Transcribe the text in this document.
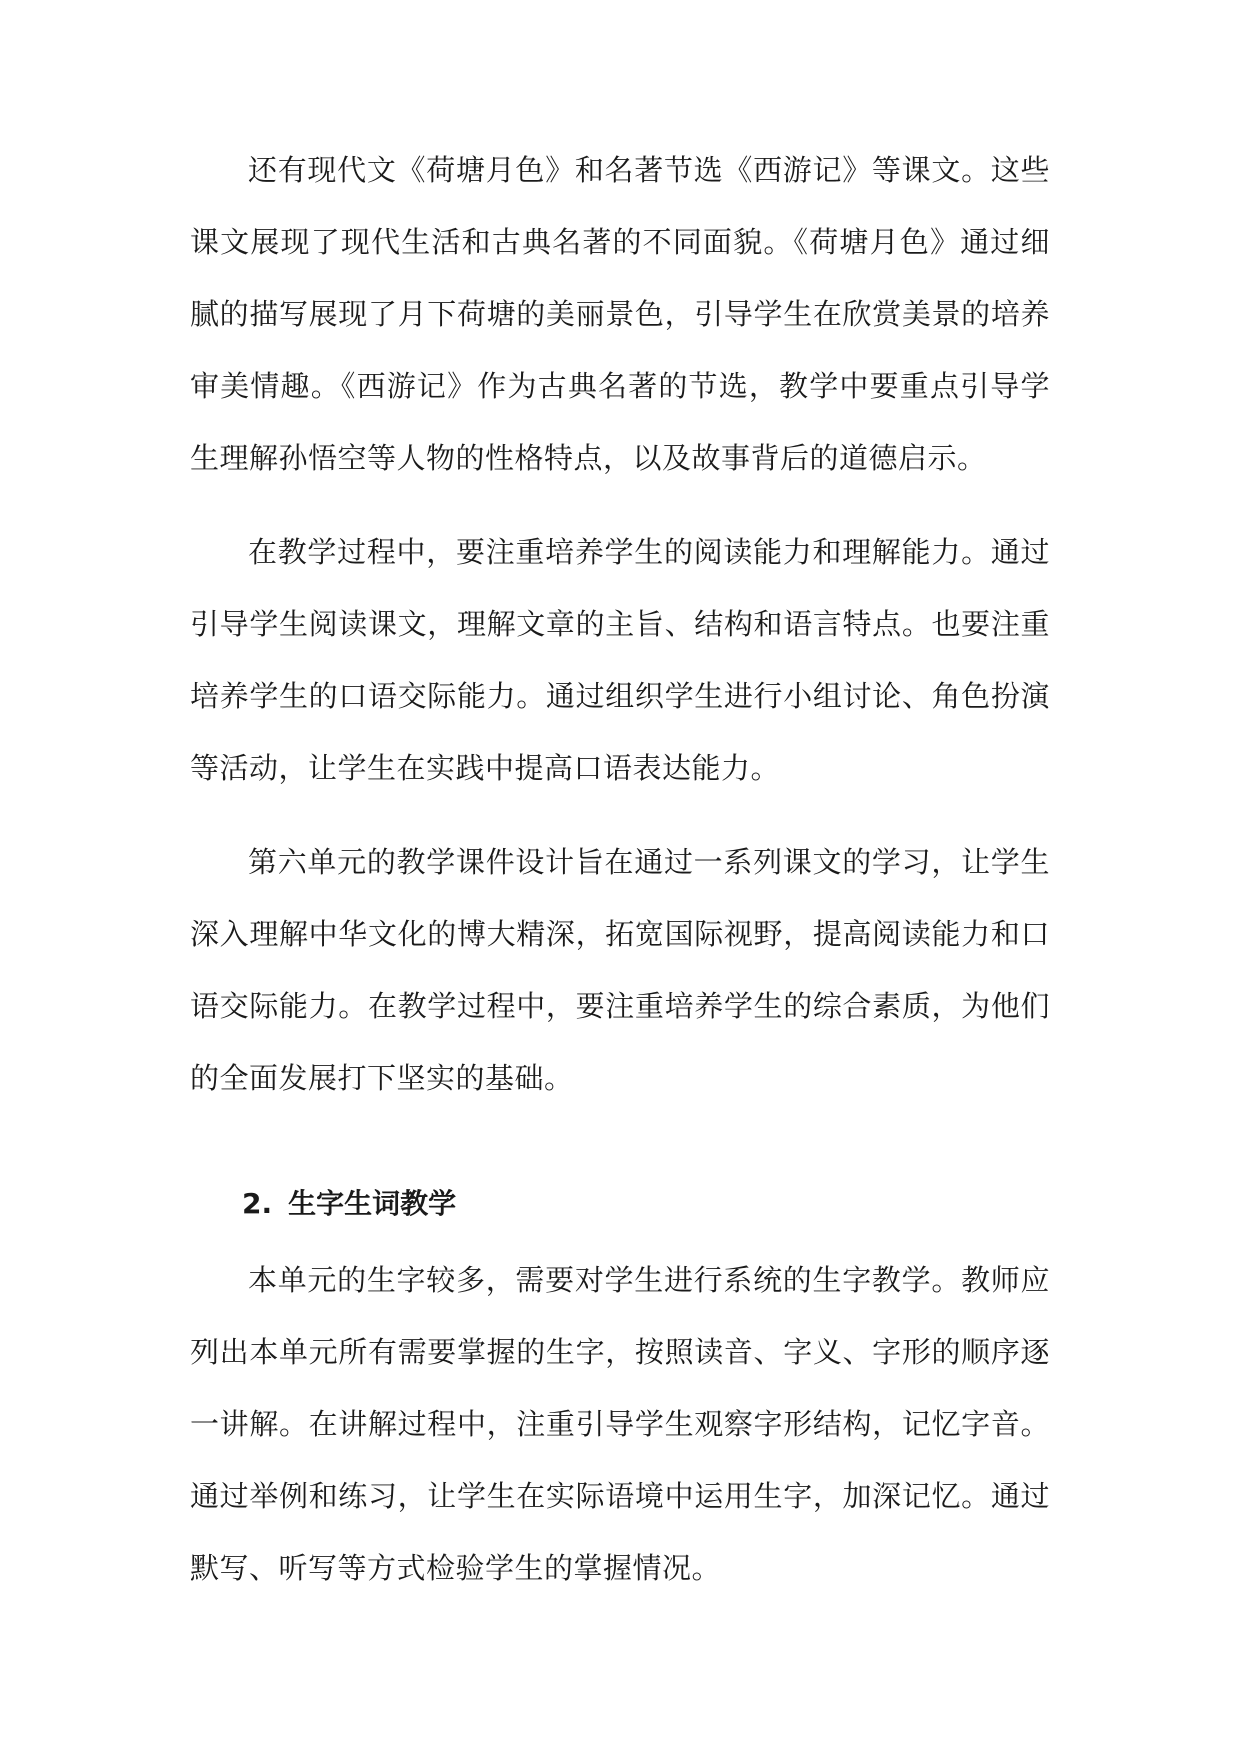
还有现代文《荷塘月色》和名著节选《西游记》等课文。这些课文展现了现代生活和古典名著的不同面貌。《荷塘月色》通过细腻的描写展现了月下荷塘的美丽景色，引导学生在欣赏美景的培养审美情趣。《西游记》作为古典名著的节选，教学中要重点引导学生理解孙悟空等人物的性格特点，以及故事背后的道德启示。

在教学过程中，要注重培养学生的阅读能力和理解能力。通过引导学生阅读课文，理解文章的主旨、结构和语言特点。也要注重培养学生的口语交际能力。通过组织学生进行小组讨论、角色扮演等活动，让学生在实践中提高口语表达能力。

第六单元的教学课件设计旨在通过一系列课文的学习，让学生深入理解中华文化的博大精深，拓宽国际视野，提高阅读能力和口语交际能力。在教学过程中，要注重培养学生的综合素质，为他们的全面发展打下坚实的基础。

2. 生字生词教学

本单元的生字较多，需要对学生进行系统的生字教学。教师应列出本单元所有需要掌握的生字，按照读音、字义、字形的顺序逐一讲解。在讲解过程中，注重引导学生观察字形结构，记忆字音。通过举例和练习，让学生在实际语境中运用生字，加深记忆。通过默写、听写等方式检验学生的掌握情况。
